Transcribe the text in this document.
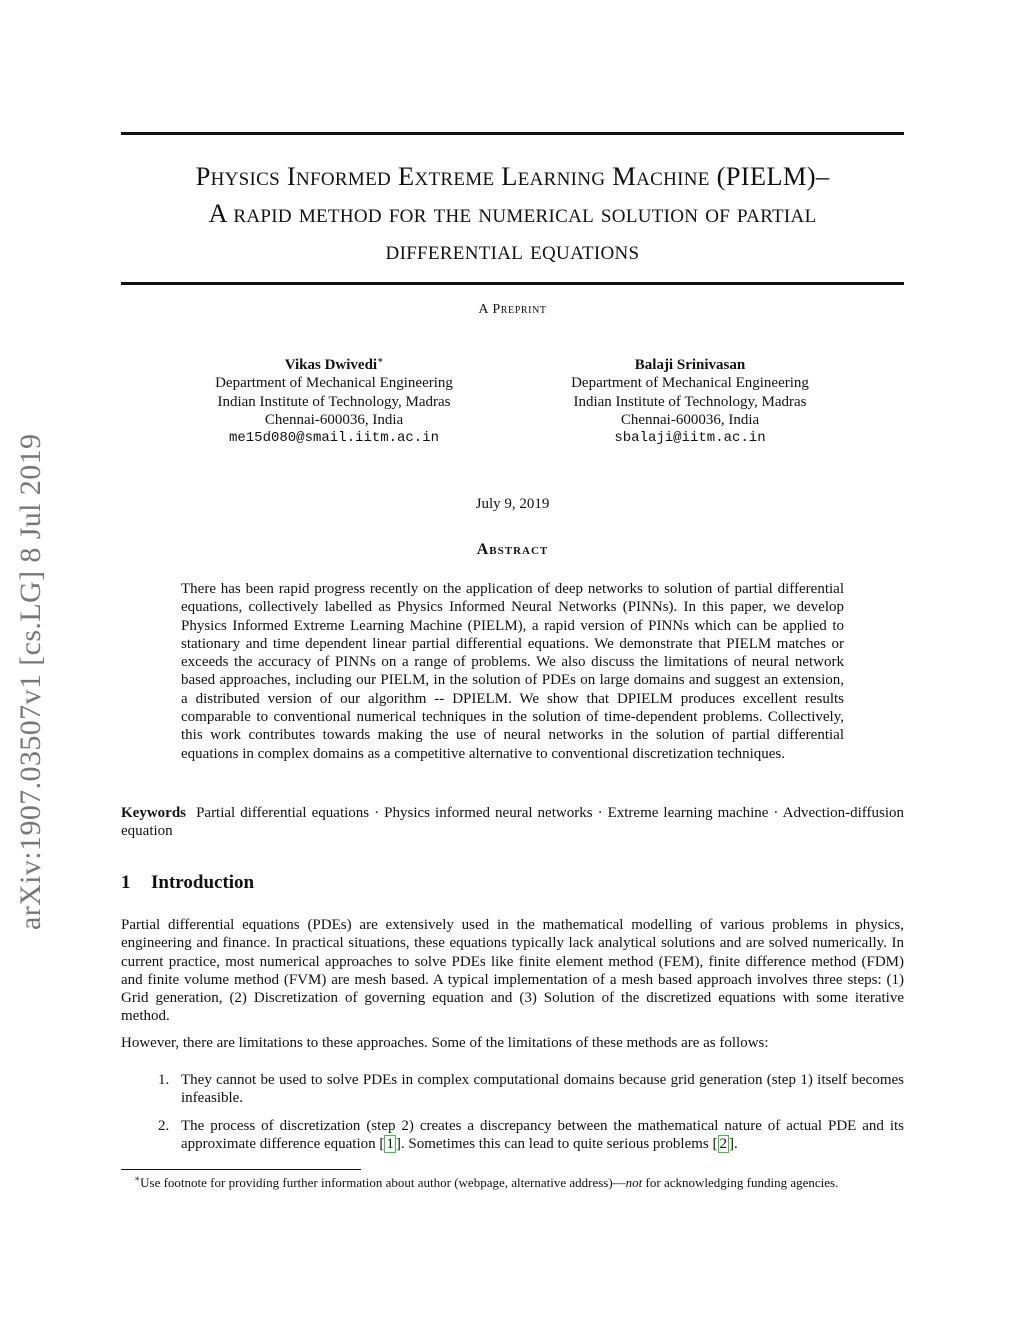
arXiv:1907.03507v1 [cs.LG] 8 Jul 2019
Physics Informed Extreme Learning Machine (PIELM)–
A rapid method for the numerical solution of partial
differential equations
A Preprint
Vikas Dwivedi∗
Department of Mechanical Engineering
Indian Institute of Technology, Madras
Chennai-600036, India
me15d080@smail.iitm.ac.in
Balaji Srinivasan
Department of Mechanical Engineering
Indian Institute of Technology, Madras
Chennai-600036, India
sbalaji@iitm.ac.in
July 9, 2019
Abstract
There has been rapid progress recently on the application of deep networks to solution of partial differential equations, collectively labelled as Physics Informed Neural Networks (PINNs). In this paper, we develop Physics Informed Extreme Learning Machine (PIELM), a rapid version of PINNs which can be applied to stationary and time dependent linear partial differential equations. We demonstrate that PIELM matches or exceeds the accuracy of PINNs on a range of problems. We also discuss the limitations of neural network based approaches, including our PIELM, in the solution of PDEs on large domains and suggest an extension, a distributed version of our algorithm -- DPIELM. We show that DPIELM produces excellent results comparable to conventional numerical techniques in the solution of time-dependent problems. Collectively, this work contributes towards making the use of neural networks in the solution of partial differential equations in complex domains as a competitive alternative to conventional discretization techniques.
Keywords Partial differential equations · Physics informed neural networks · Extreme learning machine · Advection-diffusion equation
1 Introduction
Partial differential equations (PDEs) are extensively used in the mathematical modelling of various problems in physics, engineering and finance. In practical situations, these equations typically lack analytical solutions and are solved numerically. In current practice, most numerical approaches to solve PDEs like finite element method (FEM), finite difference method (FDM) and finite volume method (FVM) are mesh based. A typical implementation of a mesh based approach involves three steps: (1) Grid generation, (2) Discretization of governing equation and (3) Solution of the discretized equations with some iterative method.
However, there are limitations to these approaches. Some of the limitations of these methods are as follows:
1. They cannot be used to solve PDEs in complex computational domains because grid generation (step 1) itself becomes infeasible.
2. The process of discretization (step 2) creates a discrepancy between the mathematical nature of actual PDE and its approximate difference equation [ 1 ]. Sometimes this can lead to quite serious problems [ 2 ].
∗Use footnote for providing further information about author (webpage, alternative address)—not for acknowledging funding agencies.
